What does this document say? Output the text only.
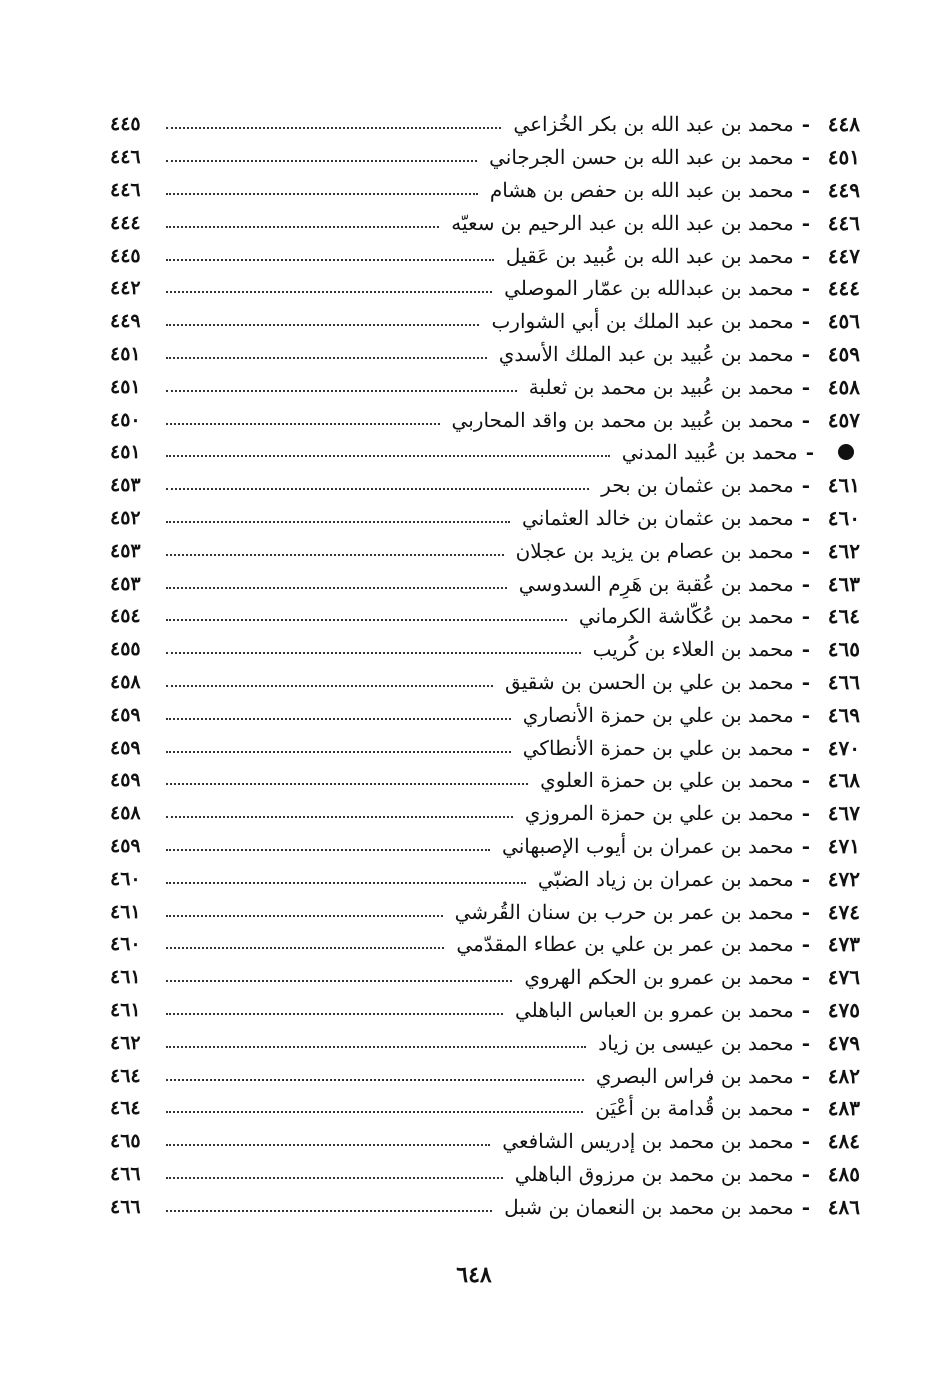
٤٤٨
-
محمد بن عبد الله بن بكر الخُزاعي
٤٤٥
٤٥١
-
محمد بن عبد الله بن حسن الجرجاني
٤٤٦
٤٤٩
-
محمد بن عبد الله بن حفص بن هشام
٤٤٦
٤٤٦
-
محمد بن عبد الله بن عبد الرحيم بن سعيّه
٤٤٤
٤٤٧
-
محمد بن عبد الله بن عُبيد بن عَقيل
٤٤٥
٤٤٤
-
محمد بن عبدالله بن عمّار الموصلي
٤٤٢
٤٥٦
-
محمد بن عبد الملك بن أبي الشوارب
٤٤٩
٤٥٩
-
محمد بن عُبيد بن عبد الملك الأسدي
٤٥١
٤٥٨
-
محمد بن عُبيد بن محمد بن ثعلبة
٤٥١
٤٥٧
-
محمد بن عُبيد بن محمد بن واقد المحاربي
٤٥٠
-
محمد بن عُبيد المدني
٤٥١
٤٦١
-
محمد بن عثمان بن بحر
٤٥٣
٤٦٠
-
محمد بن عثمان بن خالد العثماني
٤٥٢
٤٦٢
-
محمد بن عصام بن يزيد بن عجلان
٤٥٣
٤٦٣
-
محمد بن عُقبة بن هَرِم السدوسي
٤٥٣
٤٦٤
-
محمد بن عُكّاشة الكرماني
٤٥٤
٤٦٥
-
محمد بن العلاء بن كُريب
٤٥٥
٤٦٦
-
محمد بن علي بن الحسن بن شقيق
٤٥٨
٤٦٩
-
محمد بن علي بن حمزة الأنصاري
٤٥٩
٤٧٠
-
محمد بن علي بن حمزة الأنطاكي
٤٥٩
٤٦٨
-
محمد بن علي بن حمزة العلوي
٤٥٩
٤٦٧
-
محمد بن علي بن حمزة المروزي
٤٥٨
٤٧١
-
محمد بن عمران بن أيوب الإصبهاني
٤٥٩
٤٧٢
-
محمد بن عمران بن زياد الضبّي
٤٦٠
٤٧٤
-
محمد بن عمر بن حرب بن سنان القُرشي
٤٦١
٤٧٣
-
محمد بن عمر بن علي بن عطاء المقدّمي
٤٦٠
٤٧٦
-
محمد بن عمرو بن الحكم الهروي
٤٦١
٤٧٥
-
محمد بن عمرو بن العباس الباهلي
٤٦١
٤٧٩
-
محمد بن عيسى بن زياد
٤٦٢
٤٨٢
-
محمد بن فراس البصري
٤٦٤
٤٨٣
-
محمد بن قُدامة بن أعْيَن
٤٦٤
٤٨٤
-
محمد بن محمد بن إدريس الشافعي
٤٦٥
٤٨٥
-
محمد بن محمد بن مرزوق الباهلي
٤٦٦
٤٨٦
-
محمد بن محمد بن النعمان بن شبل
٤٦٦
٦٤٨
